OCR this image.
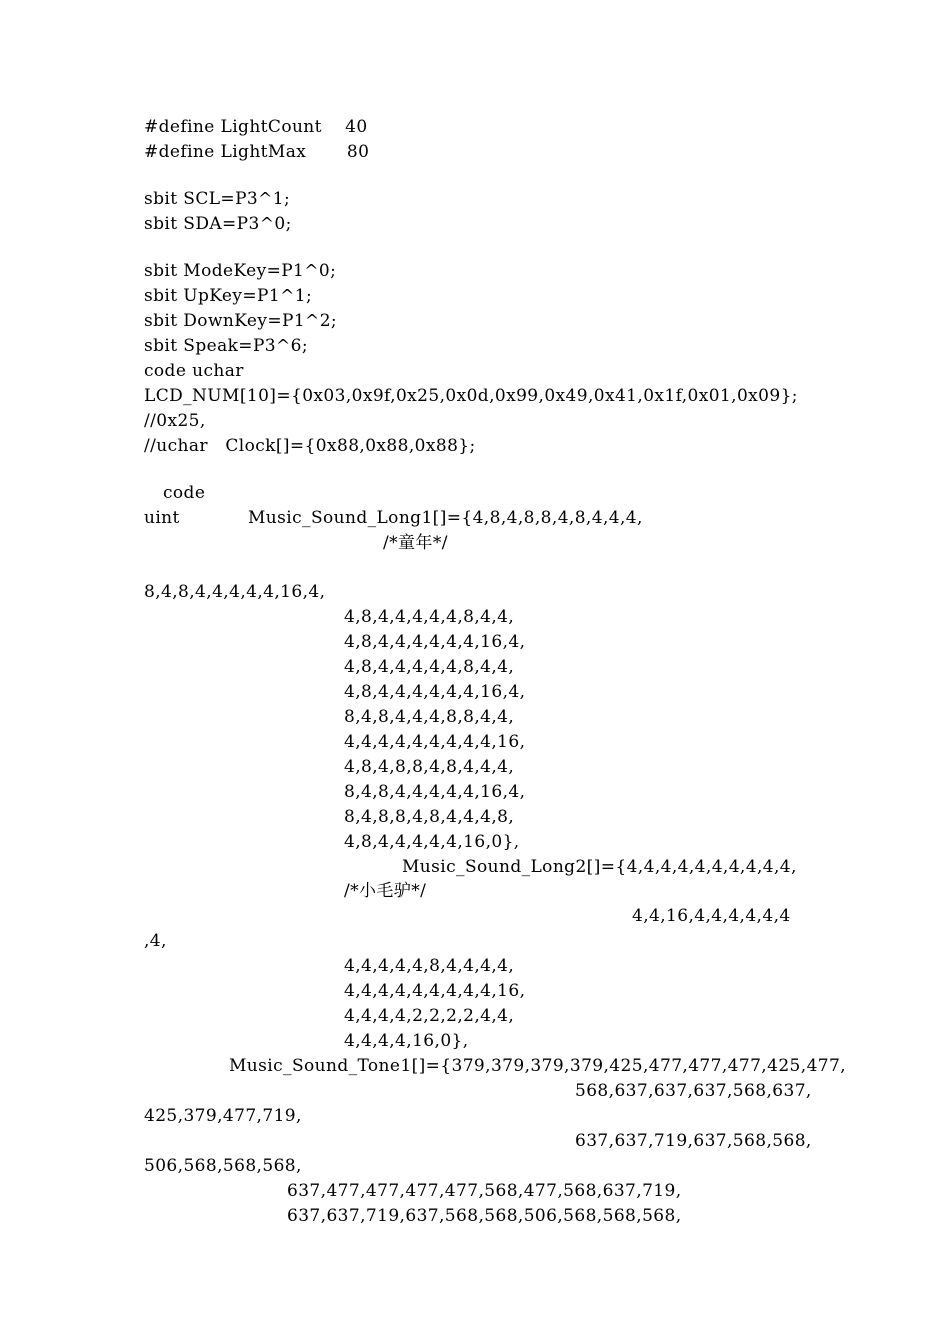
#define LightCount    40
#define LightMax       80
sbit SCL=P3^1;
sbit SDA=P3^0;
sbit ModeKey=P1^0;
sbit UpKey=P1^1;
sbit DownKey=P1^2;
sbit Speak=P3^6;
code uchar
LCD_NUM[10]={0x03,0x9f,0x25,0x0d,0x99,0x49,0x41,0x1f,0x01,0x09};
//0x25,
//uchar   Clock[]={0x88,0x88,0x88};
code
uint	Music_Sound_Long1[]={4,8,4,8,8,4,8,4,4,4,
/*童年*/
8,4,8,4,4,4,4,4,16,4,
4,8,4,4,4,4,4,8,4,4,
4,8,4,4,4,4,4,4,16,4,
4,8,4,4,4,4,4,8,4,4,
4,8,4,4,4,4,4,4,16,4,
8,4,8,4,4,4,8,8,4,4,
4,4,4,4,4,4,4,4,4,16,
4,8,4,8,8,4,8,4,4,4,
8,4,8,4,4,4,4,4,16,4,
8,4,8,8,4,8,4,4,4,8,
4,8,4,4,4,4,4,16,0},
Music_Sound_Long2[]={4,4,4,4,4,4,4,4,4,4,
/*小毛驴*/
4,4,16,4,4,4,4,4,4
,4,
4,4,4,4,4,8,4,4,4,4,
4,4,4,4,4,4,4,4,4,16,
4,4,4,4,2,2,2,2,4,4,
4,4,4,4,16,0},
Music_Sound_Tone1[]={379,379,379,379,425,477,477,477,425,477,
568,637,637,637,568,637,
425,379,477,719,
637,637,719,637,568,568,
506,568,568,568,
637,477,477,477,477,568,477,568,637,719,
637,637,719,637,568,568,506,568,568,568,
